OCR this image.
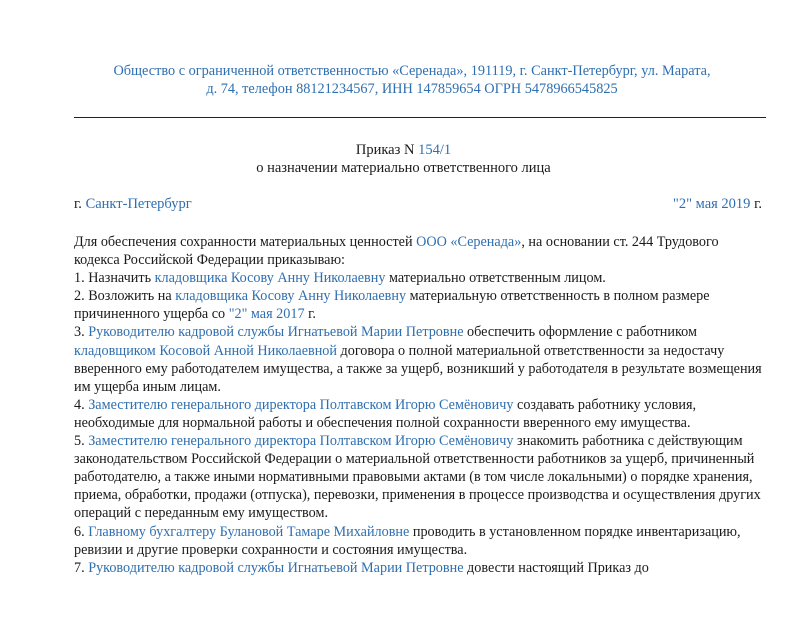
Общество с ограниченной ответственностью «Серенада», 191119, г. Санкт-Петербург, ул. Марата,
д. 74, телефон 88121234567, ИНН 147859654 ОГРН 5478966545825
Приказ N 154/1
о назначении материально ответственного лица
г. Санкт-Петербург	"2" мая 2019 г.

Для обеспечения сохранности материальных ценностей ООО «Серенада», на основании ст. 244 Трудового кодекса Российской Федерации приказываю:

1. Назначить кладовщика Косову Анну Николаевну материально ответственным лицом.

2. Возложить на кладовщика Косову Анну Николаевну материальную ответственность в полном размере причиненного ущерба со "2" мая 2017 г.

3. Руководителю кадровой службы Игнатьевой Марии Петровне обеспечить оформление с работником кладовщиком Косовой Анной Николаевной договора о полной материальной ответственности за недостачу вверенного ему работодателем имущества, а также за ущерб, возникший у работодателя в результате возмещения им ущерба иным лицам.

4. Заместителю генерального директора Полтавском Игорю Семёновичу создавать работнику условия, необходимые для нормальной работы и обеспечения полной сохранности вверенного ему имущества.

5. Заместителю генерального директора Полтавском Игорю Семёновичу знакомить работника с действующим законодательством Российской Федерации о материальной ответственности работников за ущерб, причиненный работодателю, а также иными нормативными правовыми актами (в том числе локальными) о порядке хранения, приема, обработки, продажи (отпуска), перевозки, применения в процессе производства и осуществления других операций с переданным ему имуществом.

6. Главному бухгалтеру Булановой Тамаре Михайловне проводить в установленном порядке инвентаризацию, ревизии и другие проверки сохранности и состояния имущества.

7. Руководителю кадровой службы Игнатьевой Марии Петровне довести настоящий Приказ до
